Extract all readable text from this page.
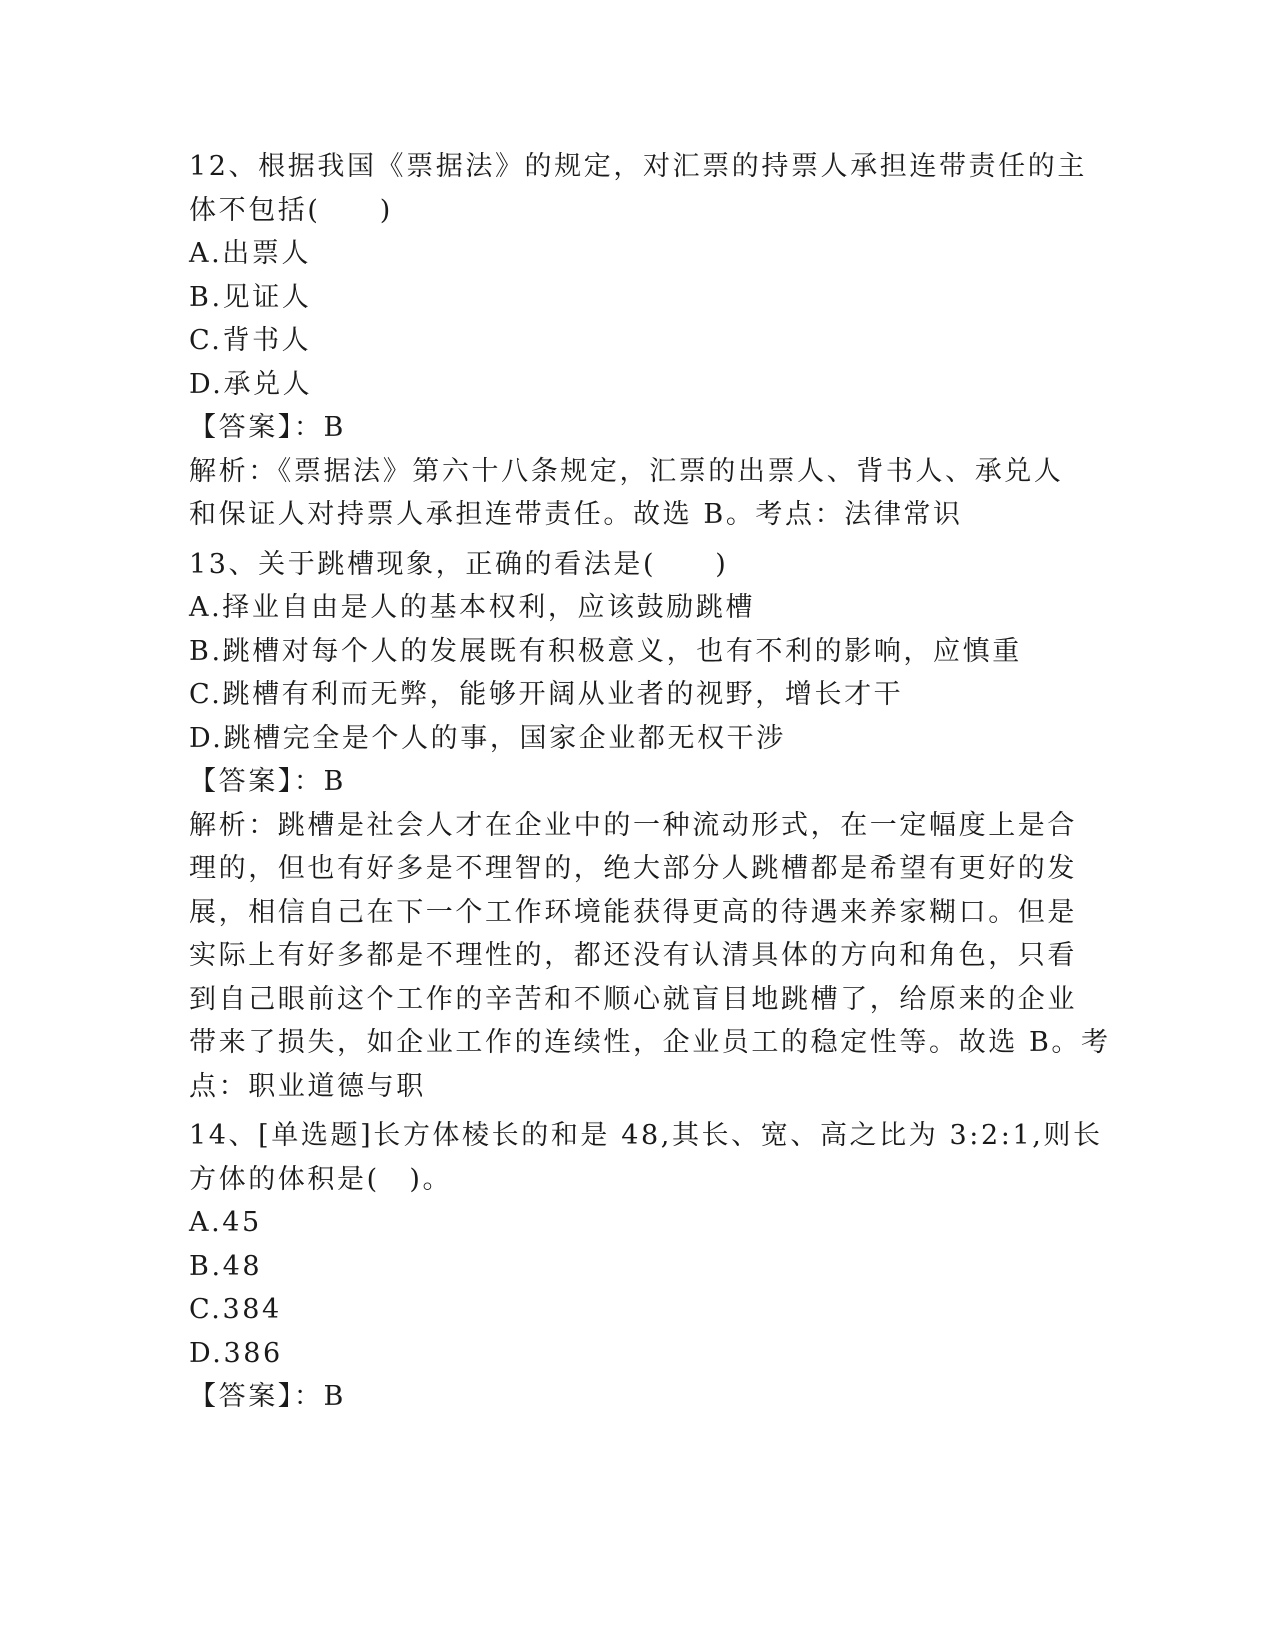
12、根据我国《票据法》的规定，对汇票的持票人承担连带责任的主
体不包括(　　)
A.出票人
B.见证人
C.背书人
D.承兑人
【答案】：B
解析：《票据法》第六十八条规定，汇票的出票人、背书人、承兑人
和保证人对持票人承担连带责任。故选 B。考点：法律常识
13、关于跳槽现象，正确的看法是(　　)
A.择业自由是人的基本权利，应该鼓励跳槽
B.跳槽对每个人的发展既有积极意义，也有不利的影响，应慎重
C.跳槽有利而无弊，能够开阔从业者的视野，增长才干
D.跳槽完全是个人的事，国家企业都无权干涉
【答案】：B
解析：跳槽是社会人才在企业中的一种流动形式，在一定幅度上是合
理的，但也有好多是不理智的，绝大部分人跳槽都是希望有更好的发
展，相信自己在下一个工作环境能获得更高的待遇来养家糊口。但是
实际上有好多都是不理性的，都还没有认清具体的方向和角色，只看
到自己眼前这个工作的辛苦和不顺心就盲目地跳槽了，给原来的企业
带来了损失，如企业工作的连续性，企业员工的稳定性等。故选 B。考
点：职业道德与职
14、[单选题]长方体棱长的和是 48,其长、宽、高之比为 3:2:1,则长
方体的体积是(　)。
A.45
B.48
C.384
D.386
【答案】：B
